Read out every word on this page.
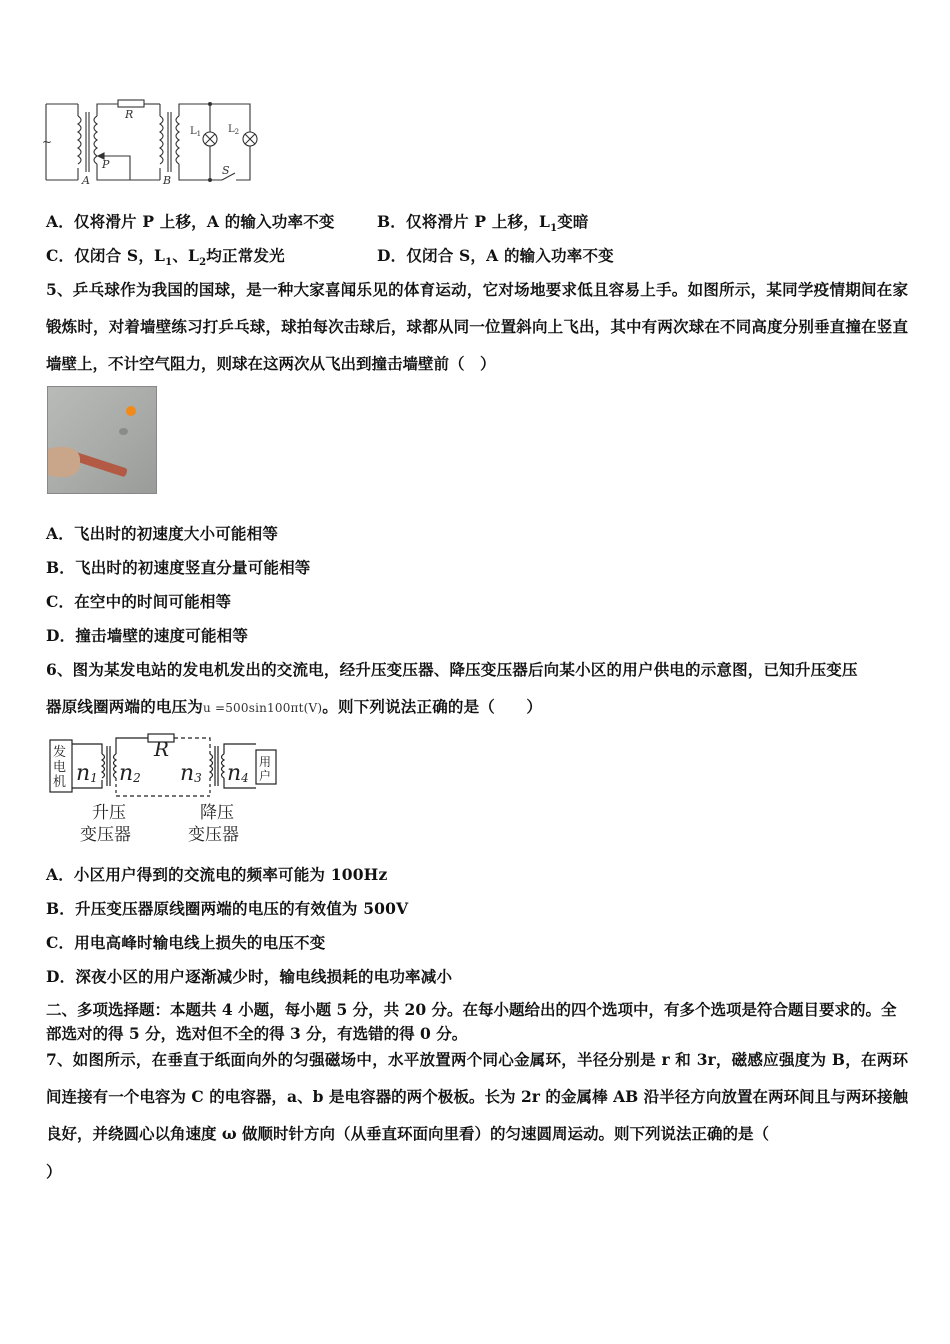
~
R
P
A	B
$L_1$	$L_2$
S
A．仅将滑片 P 上移，A 的输入功率不变	B．仅将滑片 P 上移，$L_1$变暗
C．仅闭合 S，$L_1$、$L_2$均正常发光	D．仅闭合 S，A 的输入功率不变
5、乒乓球作为我国的国球，是一种大家喜闻乐见的体育运动，它对场地要求低且容易上手。如图所示，某同学疫情期间在家锻炼时，对着墙壁练习打乒乓球，球拍每次击球后，球都从同一位置斜向上飞出，其中有两次球在不同高度分别垂直撞在竖直墙壁上，不计空气阻力，则球在这两次从飞出到撞击墙壁前（　）
A．飞出时的初速度大小可能相等
B．飞出时的初速度竖直分量可能相等
C．在空中的时间可能相等
D．撞击墙壁的速度可能相等
6、图为某发电站的发电机发出的交流电，经升压变压器、降压变压器后向某小区的用户供电的示意图，已知升压变压
器原线圈两端的电压为u =500sin100πt(V)。则下列说法正确的是（　　）
发电机 n1 n2
R
n3 n4
用户
升压
变压器
降压
变压器
A．小区用户得到的交流电的频率可能为 100Hz
B．升压变压器原线圈两端的电压的有效值为 500V
C．用电高峰时输电线上损失的电压不变
D．深夜小区的用户逐渐减少时，输电线损耗的电功率减小
二、多项选择题：本题共 4 小题，每小题 5 分，共 20 分。在每小题给出的四个选项中，有多个选项是符合题目要求的。全部选对的得 5 分，选对但不全的得 3 分，有选错的得 0 分。
7、如图所示，在垂直于纸面向外的匀强磁场中，水平放置两个同心金属环，半径分别是 r 和 3r，磁感应强度为 B，在两环间连接有一个电容为 C 的电容器，a、b 是电容器的两个极板。长为 2r 的金属棒 AB 沿半径方向放置在两环间且与两环接触良好，并绕圆心以角速度 ω 做顺时针方向（从垂直环面向里看）的匀速圆周运动。则下列说法正确的是（
）
